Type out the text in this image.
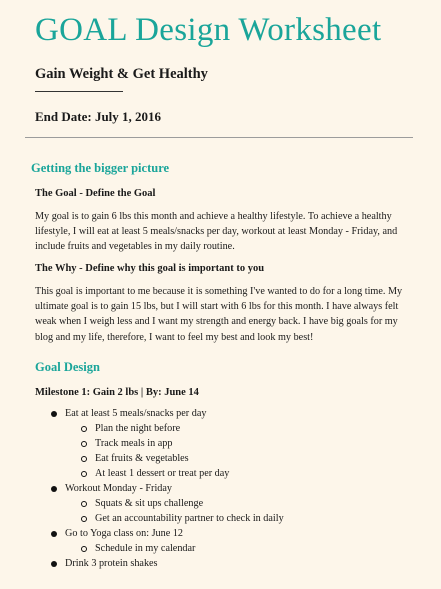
GOAL Design Worksheet
Gain Weight & Get Healthy
End Date: July 1, 2016
Getting the bigger picture
The Goal - Define the Goal
My goal is to gain 6 lbs this month and achieve a healthy lifestyle. To achieve a healthy lifestyle, I will eat at least 5 meals/snacks per day, workout at least Monday - Friday, and include fruits and vegetables in my daily routine.
The Why - Define why this goal is important to you
This goal is important to me because it is something I've wanted to do for a long time. My ultimate goal is to gain 15 lbs, but I will start with 6 lbs for this month. I have always felt weak when I weigh less and I want my strength and energy back. I have big goals for my blog and my life, therefore, I want to feel my best and look my best!
Goal Design
Milestone 1: Gain 2 lbs | By: June 14
Eat at least 5 meals/snacks per day
Plan the night before
Track meals in app
Eat fruits & vegetables
At least 1 dessert or treat per day
Workout Monday - Friday
Squats & sit ups challenge
Get an accountability partner to check in daily
Go to Yoga class on: June 12
Schedule in my calendar
Drink 3 protein shakes
